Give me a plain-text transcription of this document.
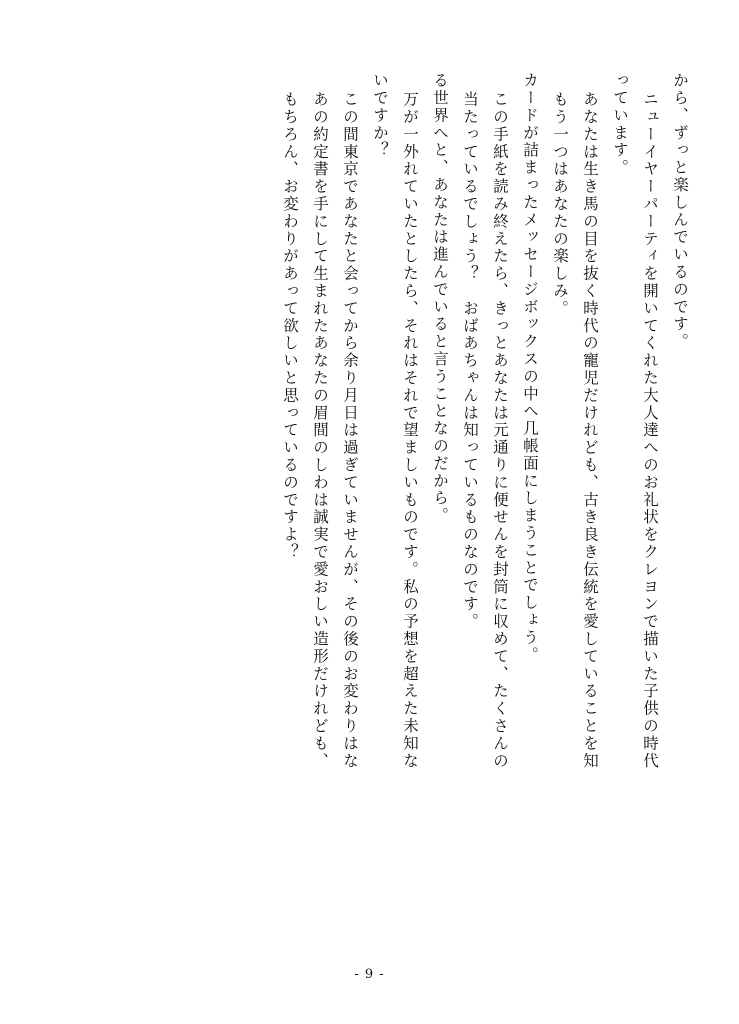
から、ずっと楽しんでいるのです。
ニューイヤーパーティを開いてくれた大人達へのお礼状をクレヨンで描いた子供の時代
っています。
あなたは生き馬の目を抜く時代の寵児だけれども、古き良き伝統を愛していることを知
もう一つはあなたの楽しみ。
カードが詰まったメッセージボックスの中へ几帳面にしまうことでしょう。
この手紙を読み終えたら、きっとあなたは元通りに便せんを封筒に収めて、たくさんの
当たっているでしょう？　おばあちゃんは知っているものなのです。
る世界へと、あなたは進んでいると言うことなのだから。
万が一外れていたとしたら、それはそれで望ましいものです。私の予想を超えた未知な
いですか？
この間東京であなたと会ってから余り月日は過ぎていませんが、その後のお変わりはな
あの約定書を手にして生まれたあなたの眉間のしわは誠実で愛おしい造形だけれども、
もちろん、お変わりがあって欲しいと思っているのですよ？
- 9 -
